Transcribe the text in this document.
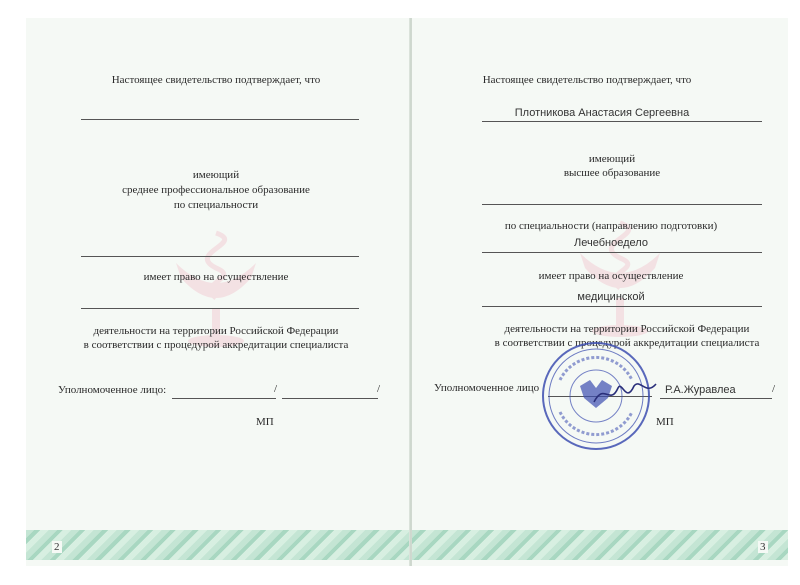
Настоящее свидетельство подтверждает, что
имеющий
среднее профессиональное образование
по специальности
имеет право на осуществление
деятельности на территории Российской Федерации
в соответствии с процедурой аккредитации специалиста
Уполномоченное лицо:	/	/
МП
2
Настоящее свидетельство подтверждает, что
Плотникова Анастасия Сергеевна
имеющий
высшее образование
по специальности (направлению подготовки)
Лечебноедело
имеет право на осуществление
медицинской
деятельности на территории Российской Федерации
в соответствии с процедурой аккредитации специалиста
Уполномоченное лицо	Р.А.Журавлеа	/
МП
3
